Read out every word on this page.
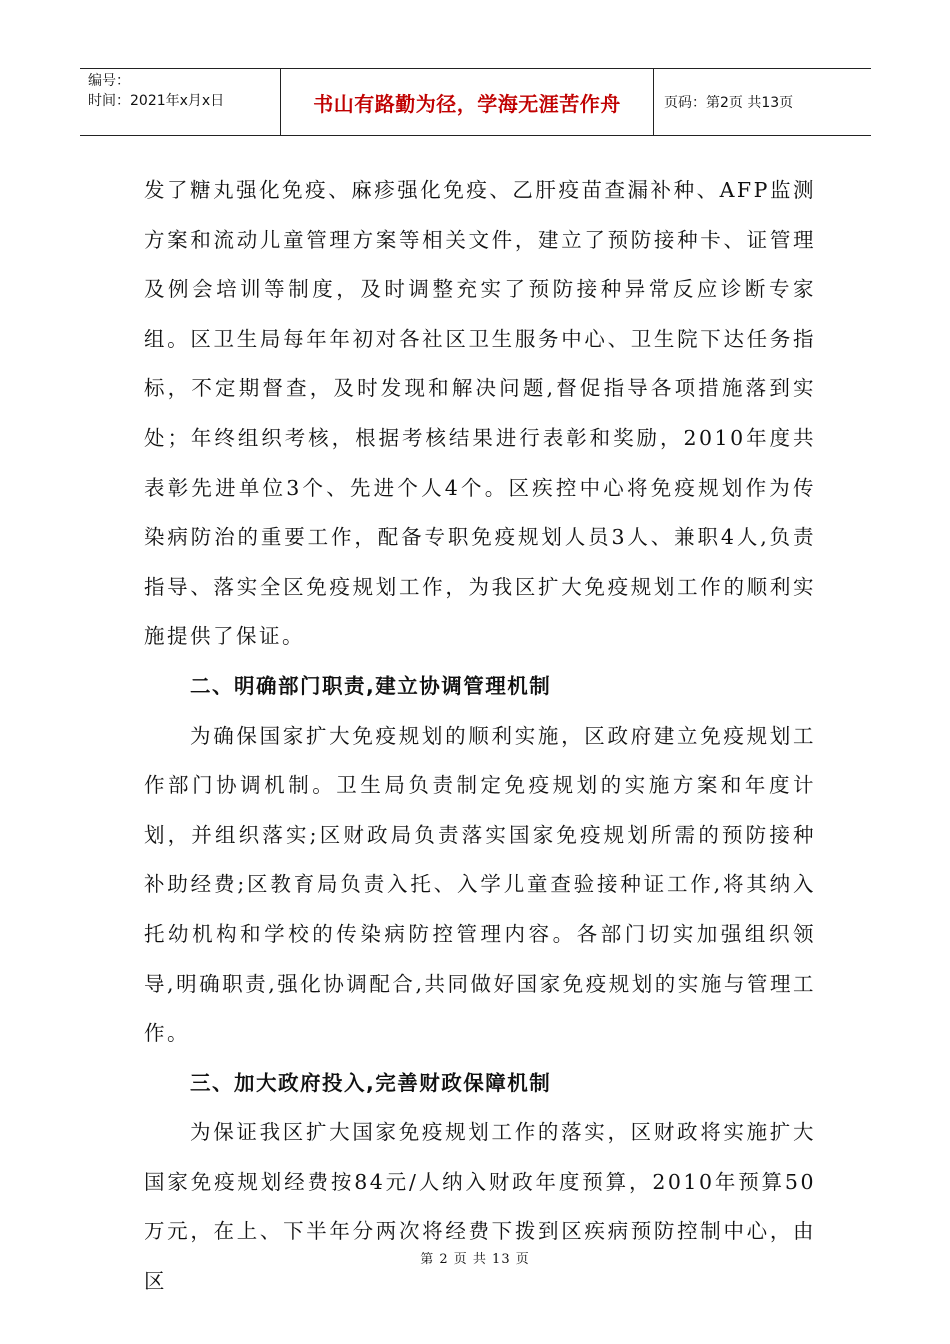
编号：
时间：2021年x月x日	书山有路勤为径，学海无涯苦作舟	页码：第2页 共13页

发了糖丸强化免疫、麻疹强化免疫、乙肝疫苗查漏补种、AFP监测方案和流动儿童管理方案等相关文件，建立了预防接种卡、证管理及例会培训等制度，及时调整充实了预防接种异常反应诊断专家组。区卫生局每年年初对各社区卫生服务中心、卫生院下达任务指标，不定期督查，及时发现和解决问题,督促指导各项措施落到实处；年终组织考核，根据考核结果进行表彰和奖励，2010年度共表彰先进单位3个、先进个人4个。区疾控中心将免疫规划作为传染病防治的重要工作，配备专职免疫规划人员3人、兼职4人,负责指导、落实全区免疫规划工作，为我区扩大免疫规划工作的顺利实施提供了保证。

二、明确部门职责,建立协调管理机制

为确保国家扩大免疫规划的顺利实施，区政府建立免疫规划工作部门协调机制。卫生局负责制定免疫规划的实施方案和年度计划，并组织落实;区财政局负责落实国家免疫规划所需的预防接种补助经费;区教育局负责入托、入学儿童查验接种证工作,将其纳入托幼机构和学校的传染病防控管理内容。各部门切实加强组织领导,明确职责,强化协调配合,共同做好国家免疫规划的实施与管理工作。

三、加大政府投入,完善财政保障机制

为保证我区扩大国家免疫规划工作的落实，区财政将实施扩大国家免疫规划经费按84元/人纳入财政年度预算，2010年预算50万元，在上、下半年分两次将经费下拨到区疾病预防控制中心，由区

第 2 页 共 13 页
